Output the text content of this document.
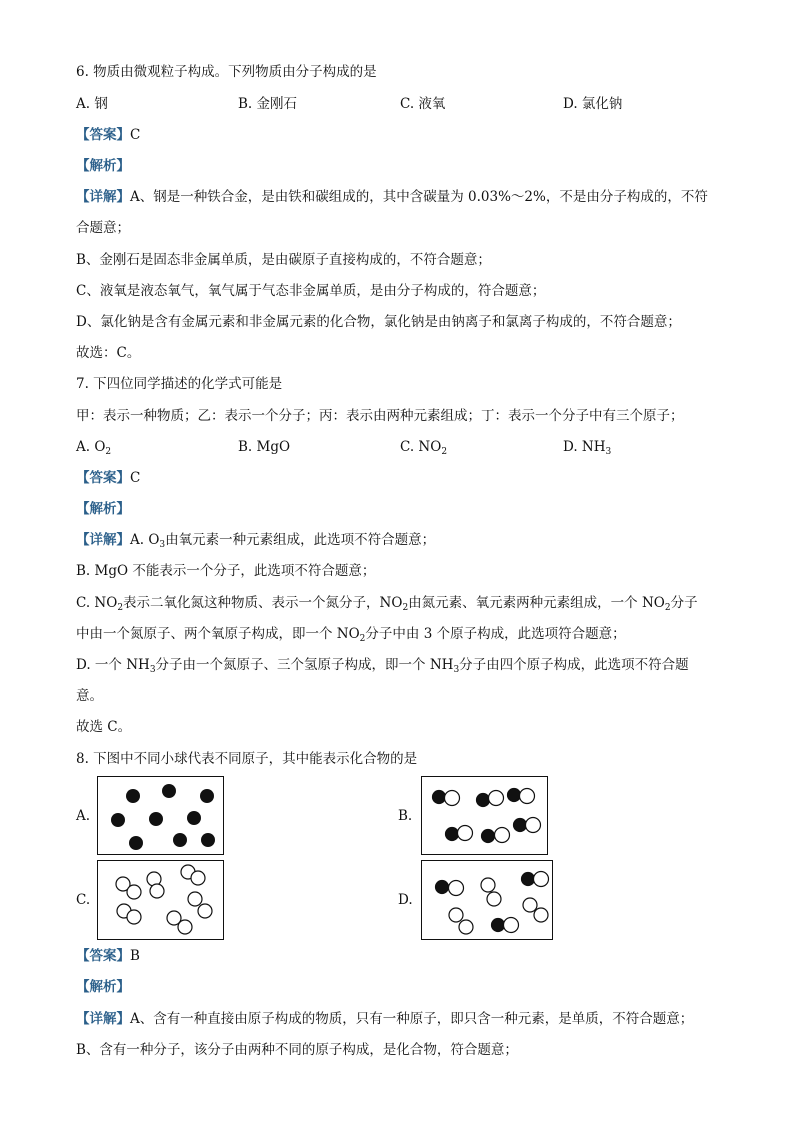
6. 物质由微观粒子构成。下列物质由分子构成的是
A. 钢	B. 金刚石	C. 液氧	D. 氯化钠
【答案】C
【解析】
【详解】A、钢是一种铁合金，是由铁和碳组成的，其中含碳量为 0.03%～2%，不是由分子构成的，不符
合题意；
B、金刚石是固态非金属单质，是由碳原子直接构成的，不符合题意；
C、液氧是液态氧气，氧气属于气态非金属单质，是由分子构成的，符合题意；
D、氯化钠是含有金属元素和非金属元素的化合物，氯化钠是由钠离子和氯离子构成的，不符合题意；
故选：C。
7. 下四位同学描述的化学式可能是
甲：表示一种物质；乙：表示一个分子；丙：表示由两种元素组成；丁：表示一个分子中有三个原子；
A. $O_2$	B. MgO	C. $NO_2$	D. $NH_3$
【答案】C
【解析】
【详解】A. $O_3$由氧元素一种元素组成，此选项不符合题意；
B. MgO 不能表示一个分子，此选项不符合题意；
C. $NO_2$表示二氧化氮这种物质、表示一个氮分子，$NO_2$由氮元素、氧元素两种元素组成，一个 $NO_2$分子
中由一个氮原子、两个氧原子构成，即一个 $NO_2$分子中由 3 个原子构成，此选项符合题意；
D. 一个 $NH_3$分子由一个氮原子、三个氢原子构成，即一个 $NH_3$分子由四个原子构成，此选项不符合题
意。
故选 C。
8. 下图中不同小球代表不同原子，其中能表示化合物的是
A.	B.
C.	D.
【答案】B
【解析】
【详解】A、含有一种直接由原子构成的物质，只有一种原子，即只含一种元素，是单质，不符合题意；
B、含有一种分子，该分子由两种不同的原子构成，是化合物，符合题意；
